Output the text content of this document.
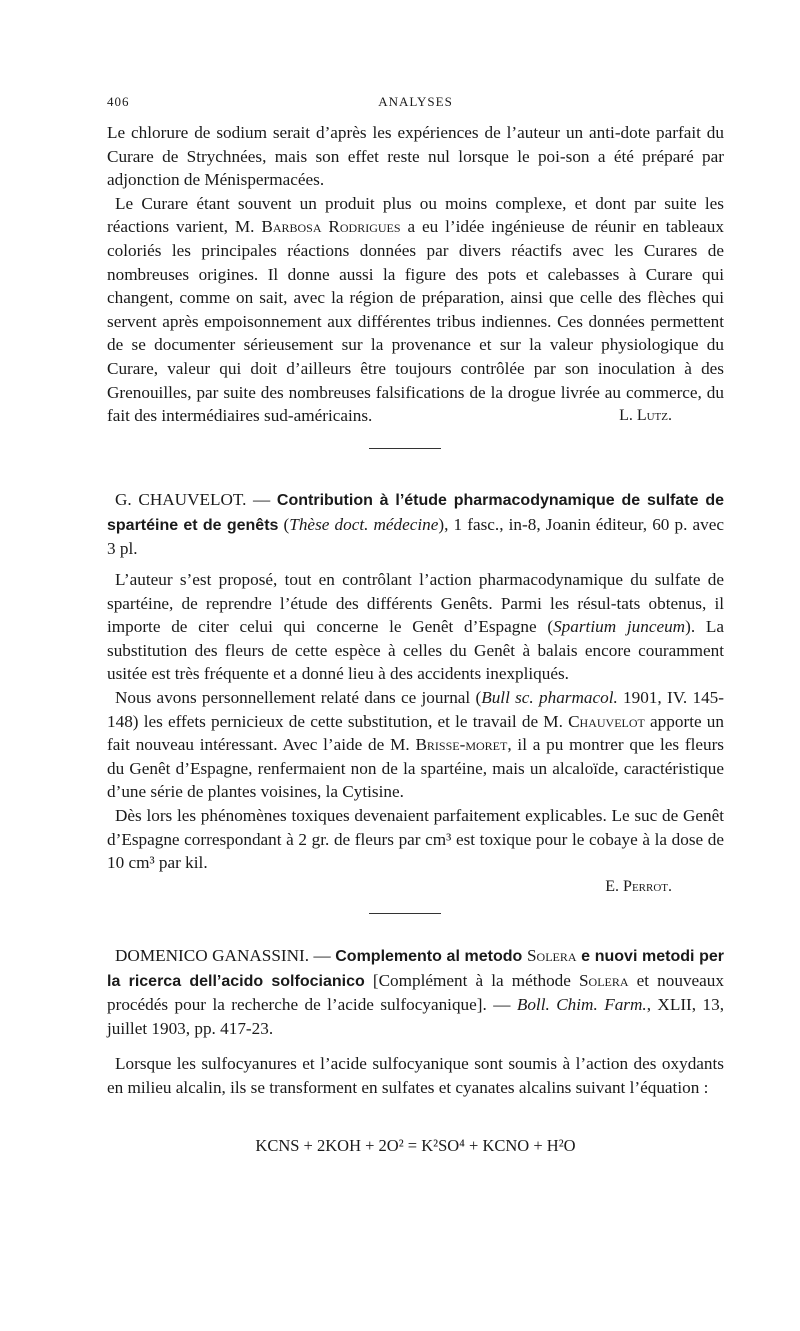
406	ANALYSES

Le chlorure de sodium serait d’après les expériences de l’auteur un anti-dote parfait du Curare de Strychnées, mais son effet reste nul lorsque le poi-son a été préparé par adjonction de Ménispermacées.

Le Curare étant souvent un produit plus ou moins complexe, et dont par suite les réactions varient, M. Barbosa Rodrigues a eu l’idée ingénieuse de réunir en tableaux coloriés les principales réactions données par divers réactifs avec les Curares de nombreuses origines. Il donne aussi la figure des pots et calebasses à Curare qui changent, comme on sait, avec la région de préparation, ainsi que celle des flèches qui servent après empoisonnement aux différentes tribus indiennes. Ces données permettent de se documenter sérieusement sur la provenance et sur la valeur physiologique du Curare, valeur qui doit d’ailleurs être toujours contrôlée par son inoculation à des Grenouilles, par suite des nombreuses falsifications de la drogue livrée au commerce, du fait des intermédiaires sud-américains.	L. Lutz.

G. CHAUVELOT. — Contribution à l’étude pharmacodynamique de sulfate de spartéine et de genêts (Thèse doct. médecine), 1 fasc., in-8, Joanin éditeur, 60 p. avec 3 pl.

L’auteur s’est proposé, tout en contrôlant l’action pharmacodynamique du sulfate de spartéine, de reprendre l’étude des différents Genêts. Parmi les résul-tats obtenus, il importe de citer celui qui concerne le Genêt d’Espagne (Spartium junceum). La substitution des fleurs de cette espèce à celles du Genêt à balais encore couramment usitée est très fréquente et a donné lieu à des accidents inexpliqués.

Nous avons personnellement relaté dans ce journal (Bull sc. pharmacol. 1901, IV. 145-148) les effets pernicieux de cette substitution, et le travail de M. Chauvelot apporte un fait nouveau intéressant. Avec l’aide de M. Brisse-moret, il a pu montrer que les fleurs du Genêt d’Espagne, renfermaient non de la spartéine, mais un alcaloïde, caractéristique d’une série de plantes voisines, la Cytisine.

Dès lors les phénomènes toxiques devenaient parfaitement explicables. Le suc de Genêt d’Espagne correspondant à 2 gr. de fleurs par cm³ est toxique pour le cobaye à la dose de 10 cm³ par kil.

E. Perrot.

DOMENICO GANASSINI. — Complemento al metodo Solera e nuovi metodi per la ricerca dell’acido solfocianico [Complément à la méthode Solera et nouveaux procédés pour la recherche de l’acide sulfocyanique]. — Boll. Chim. Farm., XLII, 13, juillet 1903, pp. 417-23.

Lorsque les sulfocyanures et l’acide sulfocyanique sont soumis à l’action des oxydants en milieu alcalin, ils se transforment en sulfates et cyanates alcalins suivant l’équation :

KCNS + 2KOH + 2O² = K²SO⁴ + KCNO + H²O
